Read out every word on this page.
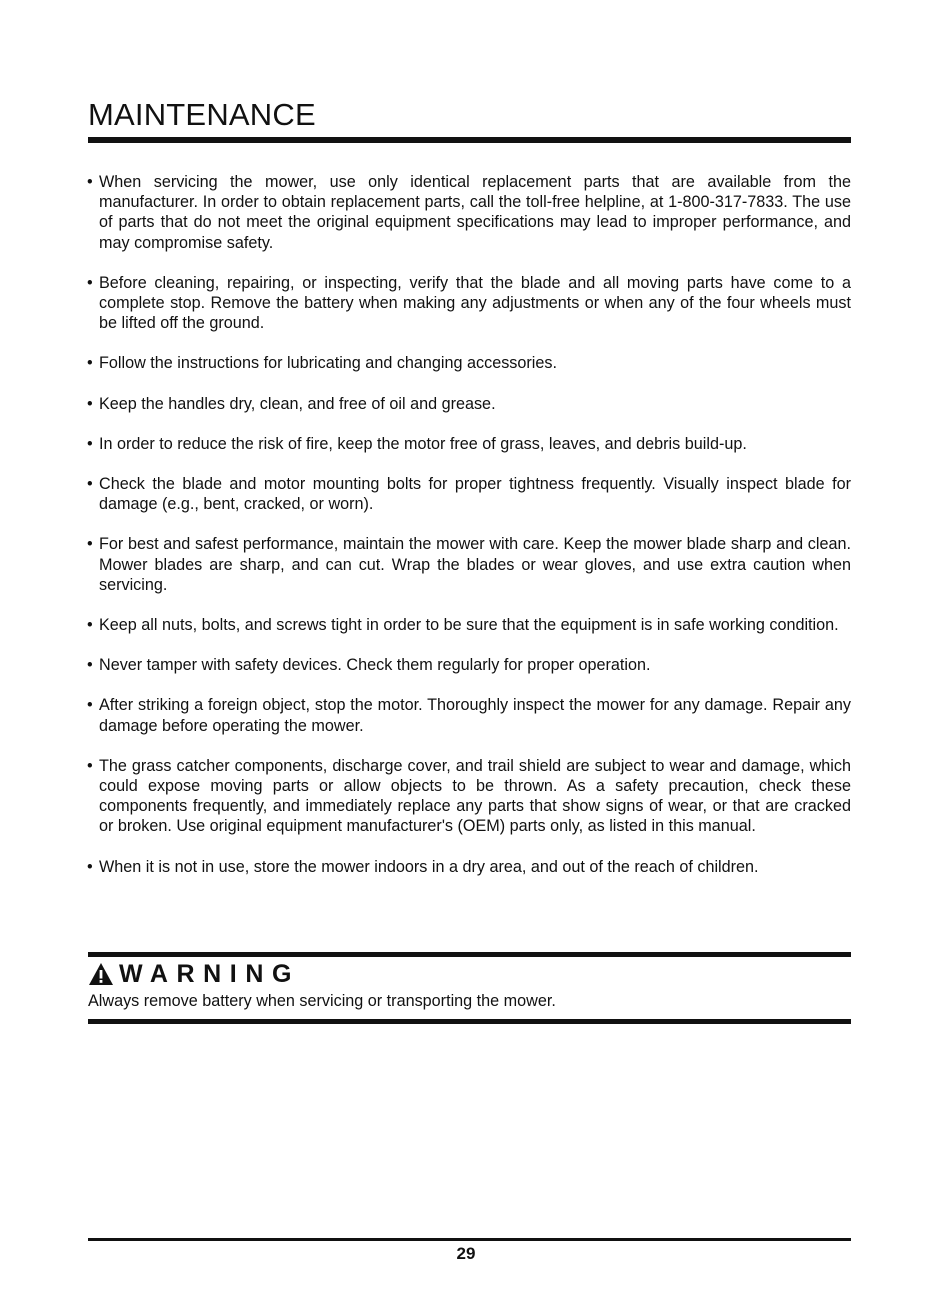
MAINTENANCE
• When servicing the mower, use only identical replacement parts that are available from the manufacturer. In order to obtain replacement parts, call the toll-free helpline, at 1-800-317-7833. The use of parts that do not meet the original equipment specifications may lead to improper performance, and may compromise safety.
• Before cleaning, repairing, or inspecting, verify that the blade and all moving parts have come to a complete stop. Remove the battery when making any adjustments or when any of the four wheels must be lifted off the ground.
• Follow the instructions for lubricating and changing accessories.
• Keep the handles dry, clean, and free of oil and grease.
• In order to reduce the risk of fire, keep the motor free of grass, leaves, and debris build-up.
• Check the blade and motor mounting bolts for proper tightness frequently. Visually inspect blade for damage (e.g., bent, cracked, or worn).
• For best and safest performance, maintain the mower with care. Keep the mower blade sharp and clean. Mower blades are sharp, and can cut. Wrap the blades or wear gloves, and use extra caution when servicing.
• Keep all nuts, bolts, and screws tight in order to be sure that the equipment is in safe working condition.
• Never tamper with safety devices. Check them regularly for proper operation.
• After striking a foreign object, stop the motor. Thoroughly inspect the mower for any damage. Repair any damage before operating the mower.
• The grass catcher components, discharge cover, and trail shield are subject to wear and damage, which could expose moving parts or allow objects to be thrown. As a safety precaution, check these components frequently, and immediately replace any parts that show signs of wear, or that are cracked or broken. Use original equipment manufacturer's (OEM) parts only, as listed in this manual.
• When it is not in use, store the mower indoors in a dry area, and out of the reach of children.
WARNING

Always remove battery when servicing or transporting the mower.

29
